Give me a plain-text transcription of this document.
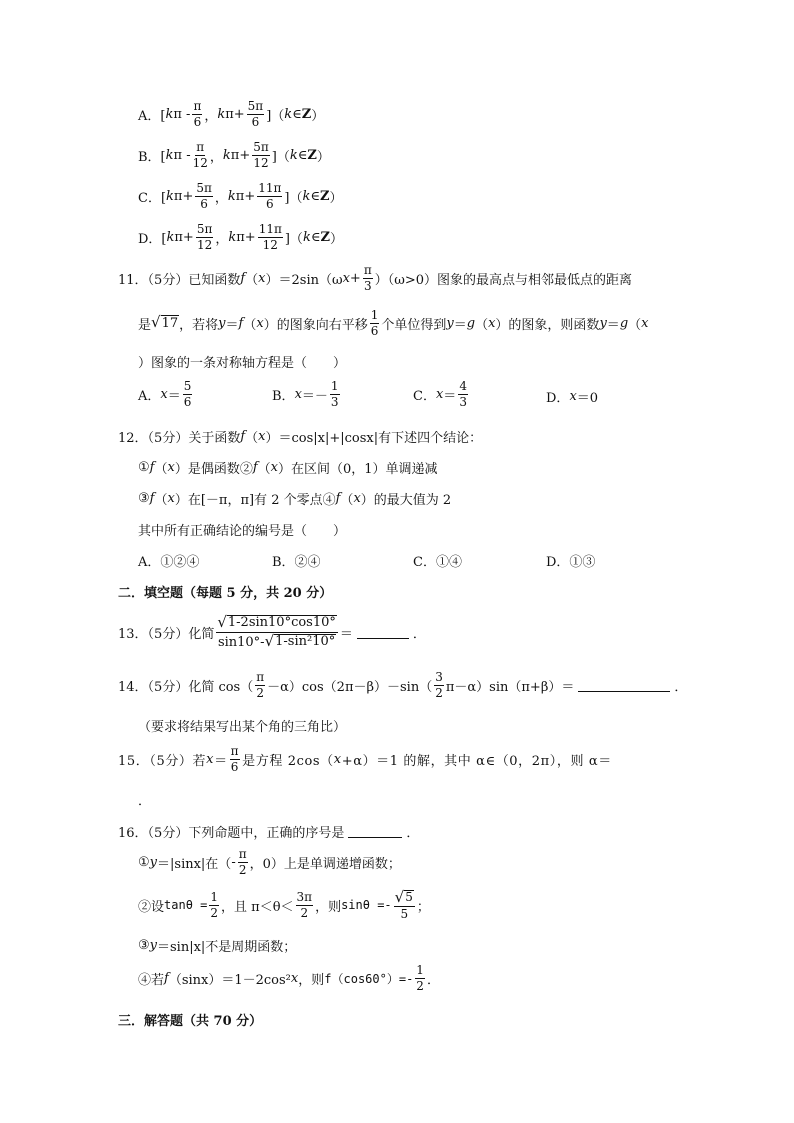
A．[ k π - $\frac{\pi}{6}$ ， k $\pi+ \frac{5\pi}{6}$ ]（ k ∈ Z ）
B．[ k π - $\frac{\pi}{12}$ ， k $\pi+ \frac{5\pi}{12}$ ]（ k ∈ Z ）
C．[ k $\pi+ \frac{5\pi}{6}$ ， k $\pi+ \frac{11\pi}{6}$ ]（ k ∈ Z ）
D．[ k $\pi+ \frac{5\pi}{12}$ ， k $\pi+ \frac{11\pi}{12}$ ]（ k ∈ Z ）
11．（5分）已知函数 f （ x ）＝2sin（ω $x + \frac{\pi}{3} )(\omega>0)$图象的最高点与相邻最低点的距离
是 √ 17 ，若将 y ＝ f （ x ）的图象向右平移 $\frac{1}{6}$ 个单位得到 y ＝ g （ x ）的图象，则函数 y ＝ g （ x
）图象的一条对称轴方程是（　　）
A． $x = \frac{5}{6}$	B． $x =- \frac{1}{3}$	C． $x = \frac{4}{3}$	D． x ＝0
12．（5分）关于函数 f （ x ）＝cos|x|+|cosx|有下述四个结论：
① f （ x ）是偶函数② f （ x ）在区间（0，1）单调递减
③ f （ x ）在[－π，π]有 2 个零点④ f （ x ）的最大值为 2
其中所有正确结论的编号是（　　）
A．①②④	B．②④	C．①④	D．①③
二．填空题（每题 5 分，共 20 分）
13．（5分）化简 $\frac{√ 1-2\sin 10^\circ\cos 10^\circ}{\text{sin10°- √ 1-sin²10°}}$ ＝	．
14．（5分）化简 $\cos( \frac{\pi}{2} -\alpha)\cos(2\pi-\beta)-\sin( \frac{3}{2} \pi-\alpha)\sin(\pi+\beta)=$	．
（要求将结果写出某个角的三角比）
15．（5分）若 $x = \frac{\pi}{6}$ 是方程 2cos（ x +α）＝1 的解，其中 α∈（0，2π），则 α＝
．
16．（5分）下列命题中，正确的序号是	．
① y ＝|sinx|在（ - $\frac{\pi}{2}$ ，0）上是单调递增函数；
②设 $\tan\theta = \frac{1}{2}$ ，且 $\pi<\theta< \frac{3\pi}{2}$ ，则 $\sin\theta =- \frac{√ 5}{5}$ ；
③ y ＝sin|x|不是周期函数；
④若 f （sinx）＝1－2cos² x ，则 $f(\cos 60^\circ)=- \frac{1}{2}$ ．
三．解答题（共 70 分）
